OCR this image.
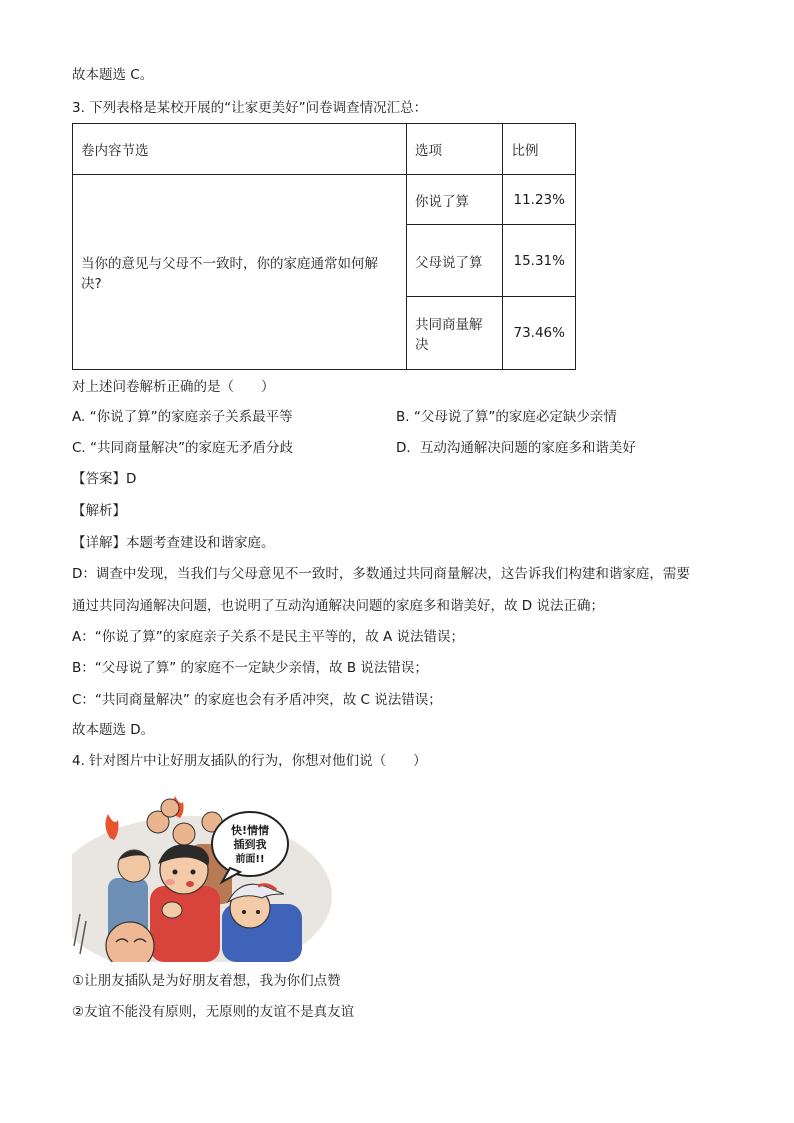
故本题选 C。
3. 下列表格是某校开展的“让家更美好”问卷调查情况汇总：
卷内容节选	选项	比例
当你的意见与父母不一致时，你的家庭通常如何解决?	你说了算	11.23%
	父母说了算	15.31%
	共同商量解决	73.46%
对上述问卷解析正确的是（　　）
A. “你说了算”的家庭亲子关系最平等	B. “父母说了算”的家庭必定缺少亲情
C. “共同商量解决”的家庭无矛盾分歧	D．互动沟通解决问题的家庭多和谐美好
【答案】D
【解析】
【详解】本题考查建设和谐家庭。
D：调查中发现，当我们与父母意见不一致时，多数通过共同商量解决，这告诉我们构建和谐家庭，需要
通过共同沟通解决问题，也说明了互动沟通解决问题的家庭多和谐美好，故 D 说法正确；
A：“你说了算”的家庭亲子关系不是民主平等的，故 A 说法错误；
B：“父母说了算” 的家庭不一定缺少亲情，故 B 说法错误；
C：“共同商量解决” 的家庭也会有矛盾冲突，故 C 说法错误；
故本题选 D。
4. 针对图片中让好朋友插队的行为，你想对他们说（　　）
快!情情
插到我
前面!!
①让朋友插队是为好朋友着想，我为你们点赞
②友谊不能没有原则，无原则的友谊不是真友谊
